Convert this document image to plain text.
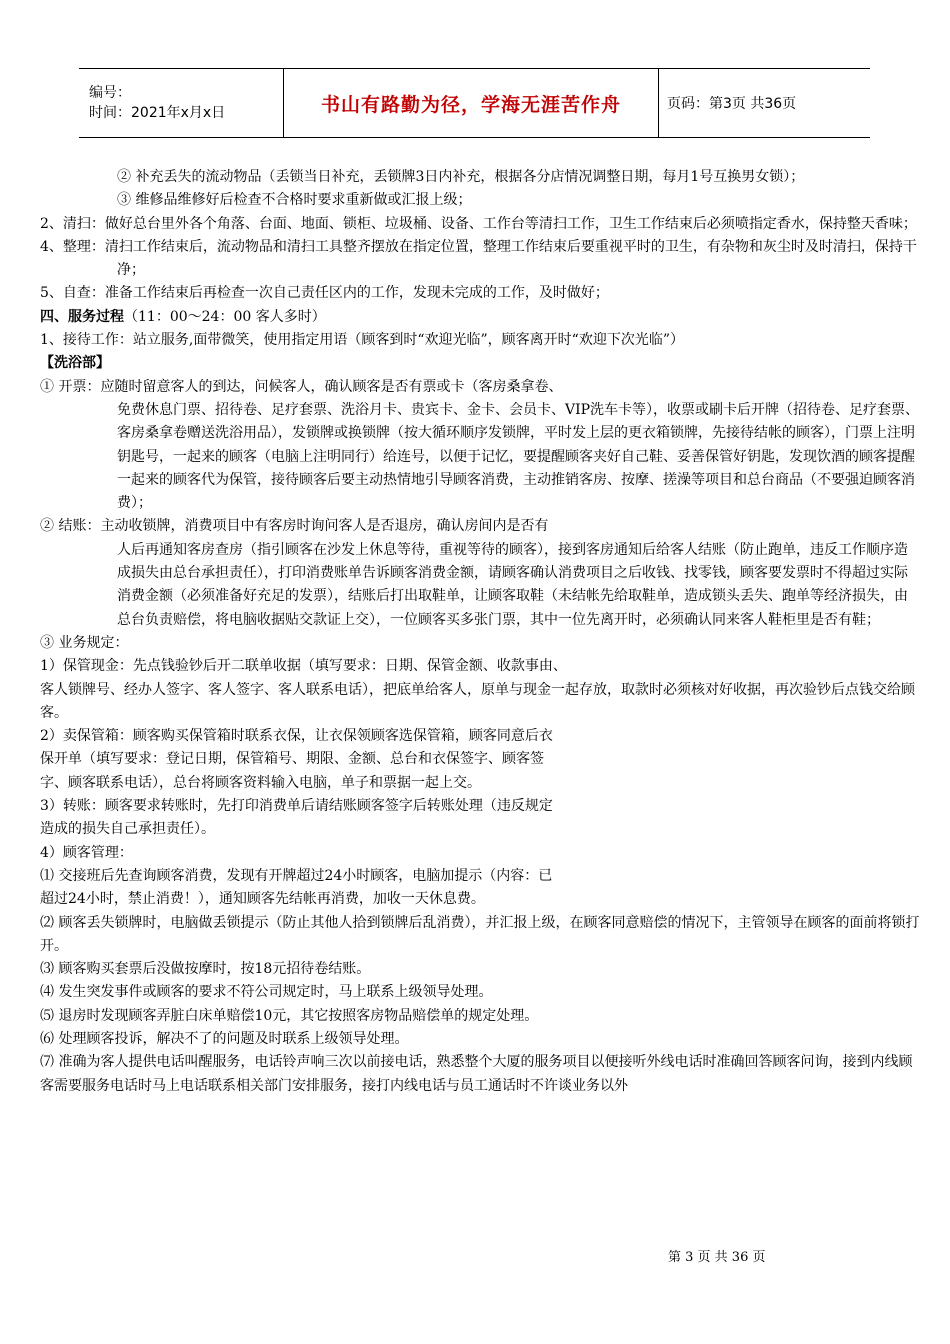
编号：
时间：2021年x月x日	书山有路勤为径，学海无涯苦作舟	页码：第3页 共36页

② 补充丢失的流动物品（丢锁当日补充，丢锁牌3日内补充，根据各分店情况调整日期，每月1号互换男女锁）；

③ 维修品维修好后检查不合格时要求重新做或汇报上级；

2、清扫：做好总台里外各个角落、台面、地面、锁柜、垃圾桶、设备、工作台等清扫工作，卫生工作结束后必须喷指定香水，保持整天香味；

4、整理：清扫工作结束后，流动物品和清扫工具整齐摆放在指定位置，整理工作结束后要重视平时的卫生，有杂物和灰尘时及时清扫，保持干净；

5、自查：准备工作结束后再检查一次自己责任区内的工作，发现未完成的工作，及时做好；

四、服务过程（11：00～24：00 客人多时）

1、接待工作：站立服务,面带微笑，使用指定用语（顾客到时“欢迎光临”，顾客离开时“欢迎下次光临”）

【洗浴部】

① 开票：应随时留意客人的到达，问候客人，确认顾客是否有票或卡（客房桑拿卷、

免费休息门票、招待卷、足疗套票、洗浴月卡、贵宾卡、金卡、会员卡、VIP洗车卡等），收票或刷卡后开牌（招待卷、足疗套票、客房桑拿卷赠送洗浴用品），发锁牌或换锁牌（按大循环顺序发锁牌，平时发上层的更衣箱锁牌，先接待结帐的顾客），门票上注明钥匙号，一起来的顾客（电脑上注明同行）给连号，以便于记忆，要提醒顾客夹好自己鞋、妥善保管好钥匙，发现饮酒的顾客提醒一起来的顾客代为保管，接待顾客后要主动热情地引导顾客消费，主动推销客房、按摩、搓澡等项目和总台商品（不要强迫顾客消费）；

② 结账：主动收锁牌，消费项目中有客房时询问客人是否退房，确认房间内是否有

人后再通知客房查房（指引顾客在沙发上休息等待，重视等待的顾客），接到客房通知后给客人结账（防止跑单，违反工作顺序造成损失由总台承担责任），打印消费账单告诉顾客消费金额，请顾客确认消费项目之后收钱、找零钱，顾客要发票时不得超过实际消费金额（必须准备好充足的发票），结账后打出取鞋单，让顾客取鞋（未结帐先给取鞋单，造成锁头丢失、跑单等经济损失，由总台负责赔偿，将电脑收据贴交款证上交），一位顾客买多张门票，其中一位先离开时，必须确认同来客人鞋柜里是否有鞋；

③ 业务规定：

1）保管现金：先点钱验钞后开二联单收据（填写要求：日期、保管金额、收款事由、

客人锁牌号、经办人签字、客人签字、客人联系电话），把底单给客人，原单与现金一起存放，取款时必须核对好收据，再次验钞后点钱交给顾客。

2）卖保管箱：顾客购买保管箱时联系衣保，让衣保领顾客选保管箱，顾客同意后衣

保开单（填写要求：登记日期，保管箱号、期限、金额、总台和衣保签字、顾客签

字、顾客联系电话），总台将顾客资料输入电脑，单子和票据一起上交。

3）转账：顾客要求转账时，先打印消费单后请结账顾客签字后转账处理（违反规定

造成的损失自己承担责任）。

4）顾客管理：

⑴ 交接班后先查询顾客消费，发现有开牌超过24小时顾客，电脑加提示（内容：已

超过24小时，禁止消费！），通知顾客先结帐再消费，加收一天休息费。

⑵ 顾客丢失锁牌时，电脑做丢锁提示（防止其他人拾到锁牌后乱消费），并汇报上级，在顾客同意赔偿的情况下，主管领导在顾客的面前将锁打开。

⑶ 顾客购买套票后没做按摩时，按18元招待卷结账。

⑷ 发生突发事件或顾客的要求不符公司规定时，马上联系上级领导处理。

⑸ 退房时发现顾客弄脏白床单赔偿10元，其它按照客房物品赔偿单的规定处理。

⑹ 处理顾客投诉，解决不了的问题及时联系上级领导处理。

⑺ 准确为客人提供电话叫醒服务，电话铃声响三次以前接电话，熟悉整个大厦的服务项目以便接听外线电话时准确回答顾客问询，接到内线顾客需要服务电话时马上电话联系相关部门安排服务，接打内线电话与员工通话时不许谈业务以外

第 3 页 共 36 页
